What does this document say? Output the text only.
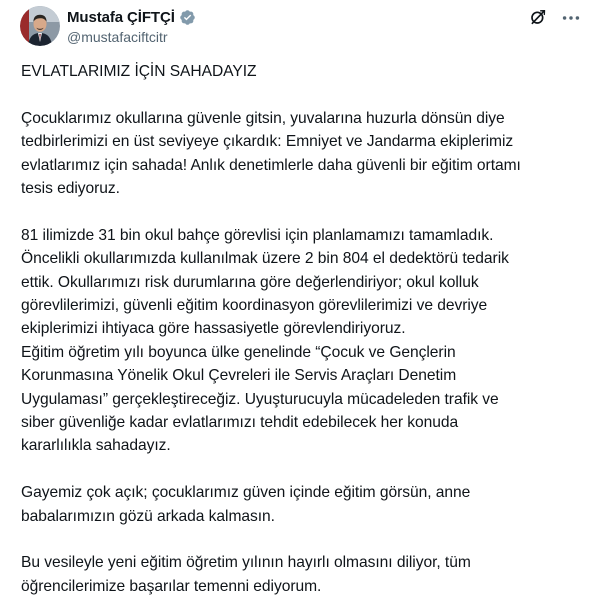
Mustafa ÇİFTÇİ
@mustafaciftcitr

EVLATLARIMIZ İÇİN SAHADAYIZ

Çocuklarımız okullarına güvenle gitsin, yuvalarına huzurla dönsün diye
tedbirlerimizi en üst seviyeye çıkardık: Emniyet ve Jandarma ekiplerimiz
evlatlarımız için sahada! Anlık denetimlerle daha güvenli bir eğitim ortamı
tesis ediyoruz.

81 ilimizde 31 bin okul bahçe görevlisi için planlamamızı tamamladık.
Öncelikli okullarımızda kullanılmak üzere 2 bin 804 el dedektörü tedarik
ettik. Okullarımızı risk durumlarına göre değerlendiriyor; okul kolluk
görevlilerimizi, güvenli eğitim koordinasyon görevlilerimizi ve devriye
ekiplerimizi ihtiyaca göre hassasiyetle görevlendiriyoruz.
Eğitim öğretim yılı boyunca ülke genelinde “Çocuk ve Gençlerin
Korunmasına Yönelik Okul Çevreleri ile Servis Araçları Denetim
Uygulaması” gerçekleştireceğiz. Uyuşturucuyla mücadeleden trafik ve
siber güvenliğe kadar evlatlarımızı tehdit edebilecek her konuda
kararlılıkla sahadayız.

Gayemiz çok açık; çocuklarımız güven içinde eğitim görsün, anne
babalarımızın gözü arkada kalmasın.

Bu vesileyle yeni eğitim öğretim yılının hayırlı olmasını diliyor, tüm
öğrencilerimize başarılar temenni ediyorum.
